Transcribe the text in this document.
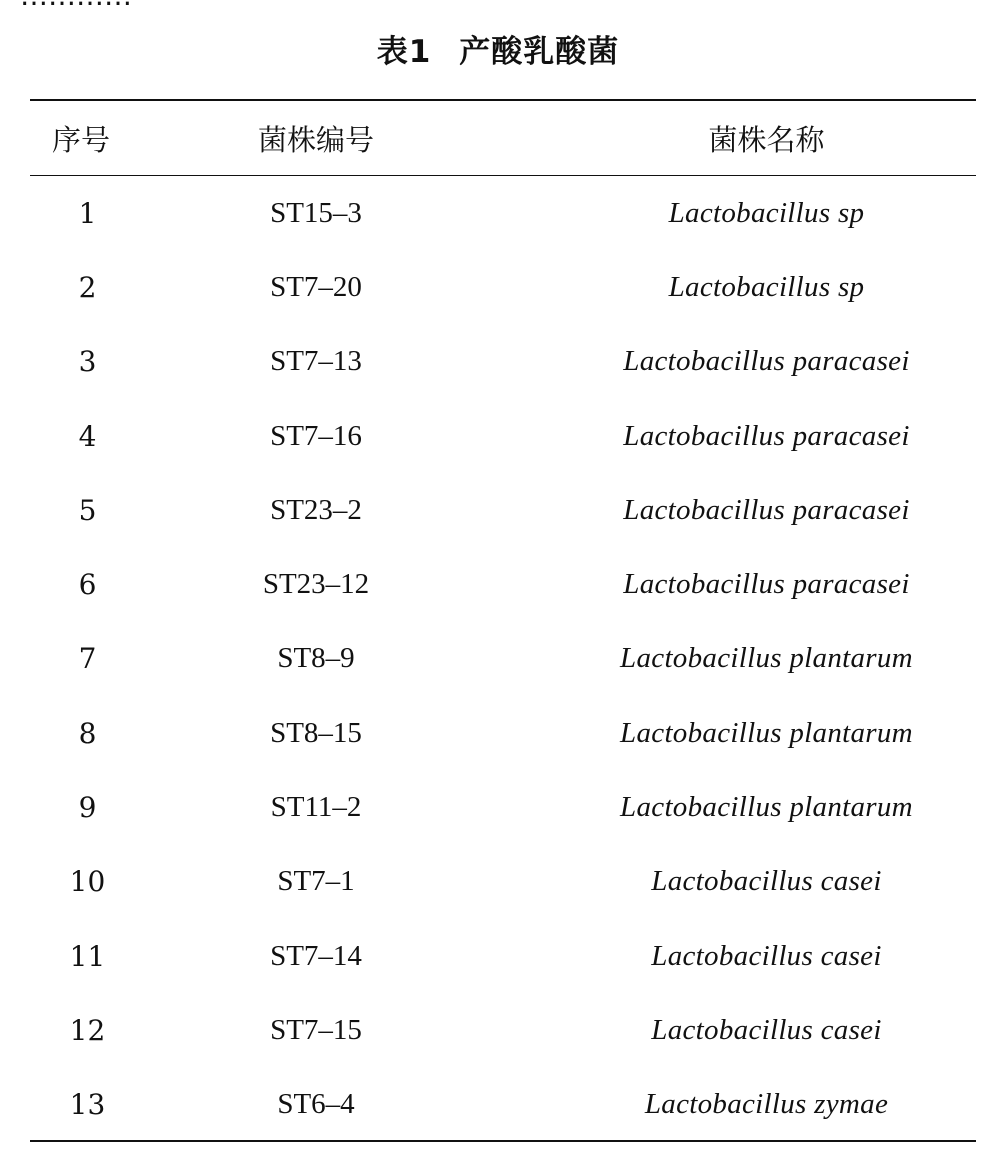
表1 产酸乳酸菌
序号	菌株编号	菌株名称
1	ST15–3	Lactobacillus sp
2	ST7–20	Lactobacillus sp
3	ST7–13	Lactobacillus paracasei
4	ST7–16	Lactobacillus paracasei
5	ST23–2	Lactobacillus paracasei
6	ST23–12	Lactobacillus paracasei
7	ST8–9	Lactobacillus plantarum
8	ST8–15	Lactobacillus plantarum
9	ST11–2	Lactobacillus plantarum
10	ST7–1	Lactobacillus casei
11	ST7–14	Lactobacillus casei
12	ST7–15	Lactobacillus casei
13	ST6–4	Lactobacillus zymae
